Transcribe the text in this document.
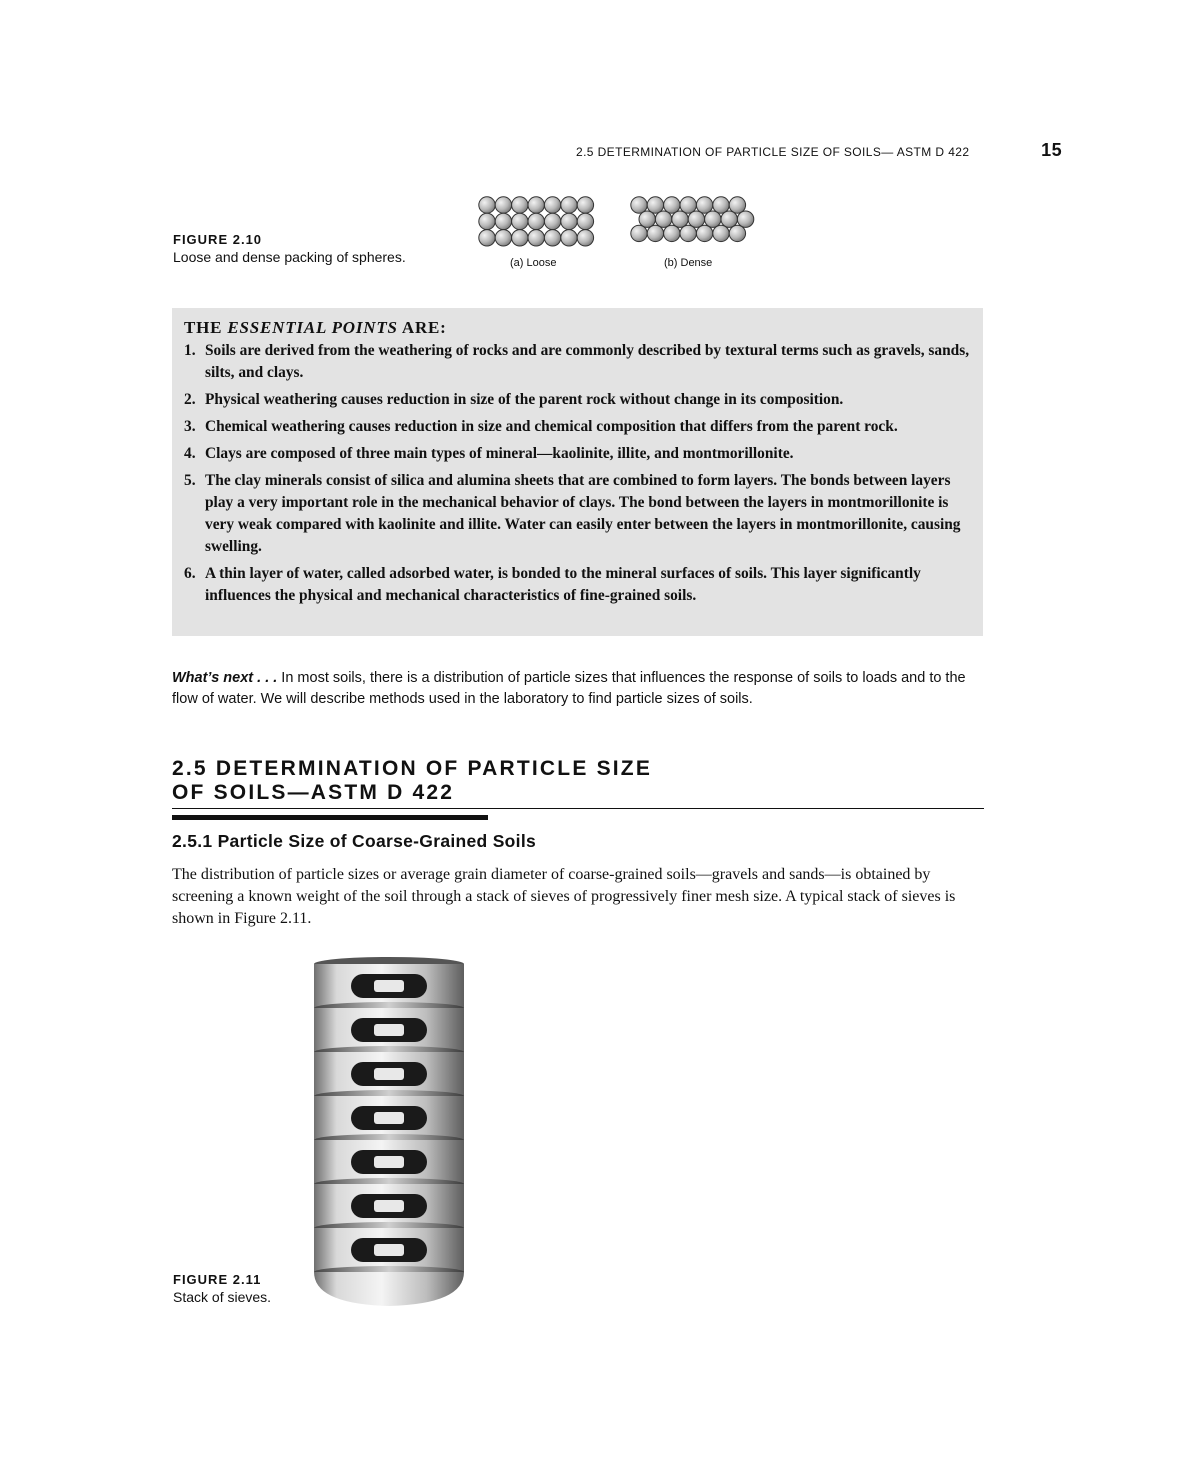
2.5 DETERMINATION OF PARTICLE SIZE OF SOILS— ASTM D 422	15
FIGURE 2.10
Loose and dense packing of spheres.	(a) Loose	(b) Dense
THE ESSENTIAL POINTS ARE:
1. Soils are derived from the weathering of rocks and are commonly described by textural terms such as gravels, sands, silts, and clays.
2. Physical weathering causes reduction in size of the parent rock without change in its composition.
3. Chemical weathering causes reduction in size and chemical composition that differs from the parent rock.
4. Clays are composed of three main types of mineral—kaolinite, illite, and montmorillonite.
5. The clay minerals consist of silica and alumina sheets that are combined to form layers. The bonds between layers play a very important role in the mechanical behavior of clays. The bond between the layers in montmorillonite is very weak compared with kaolinite and illite. Water can easily enter between the layers in montmorillonite, causing swelling.
6. A thin layer of water, called adsorbed water, is bonded to the mineral surfaces of soils. This layer significantly influences the physical and mechanical characteristics of fine-grained soils.
What’s next . . . In most soils, there is a distribution of particle sizes that influences the response of soils to loads and to the flow of water. We will describe methods used in the laboratory to find particle sizes of soils.
2.5 DETERMINATION OF PARTICLE SIZE
OF SOILS—ASTM D 422
2.5.1 Particle Size of Coarse-Grained Soils
The distribution of particle sizes or average grain diameter of coarse-grained soils—gravels and sands—is obtained by screening a known weight of the soil through a stack of sieves of progressively finer mesh size. A typical stack of sieves is shown in Figure 2.11.
FIGURE 2.11
Stack of sieves.
